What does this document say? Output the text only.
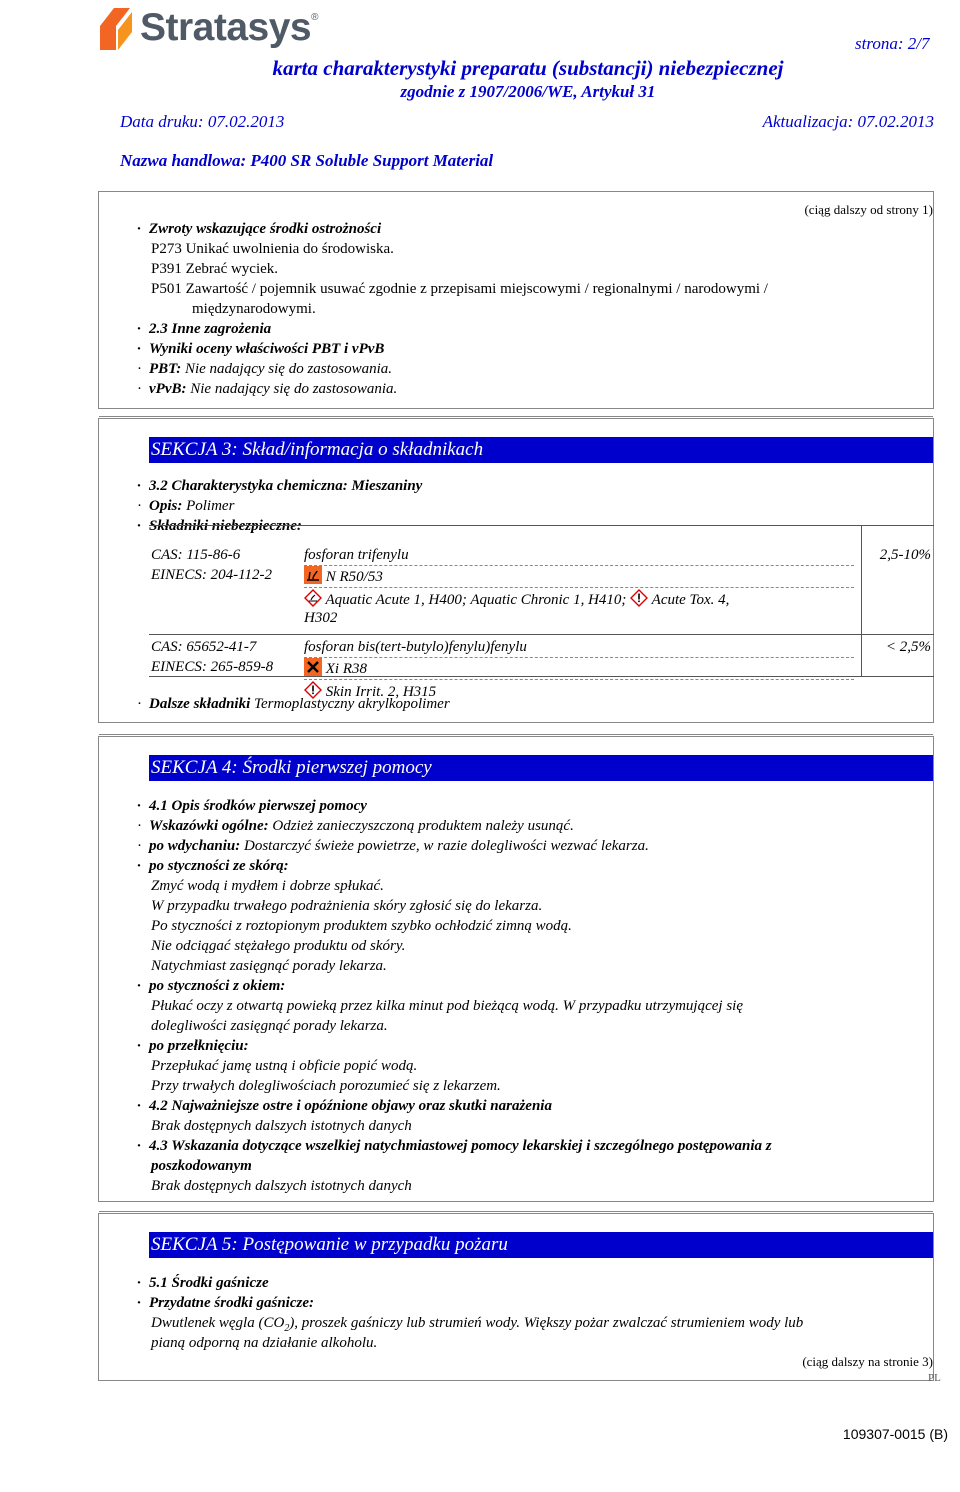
Stratasys®
strona: 2/7
karta charakterystyki preparatu (substancji) niebezpiecznej
zgodnie z 1907/2006/WE, Artykuł 31
Data druku: 07.02.2013	Aktualizacja: 07.02.2013
Nazwa handlowa: P400 SR Soluble Support Material
(ciąg dalszy od strony 1)
· Zwroty wskazujące środki ostrożności
P273 Unikać uwolnienia do środowiska.
P391 Zebrać wyciek.
P501 Zawartość / pojemnik usuwać zgodnie z przepisami miejscowymi / regionalnymi / narodowymi /
międzynarodowymi.
· 2.3 Inne zagrożenia
· Wyniki oceny właściwości PBT i vPvB
· PBT: Nie nadający się do zastosowania.
· vPvB: Nie nadający się do zastosowania.
SEKCJA 3: Skład/informacja o składnikach
· 3.2 Charakterystyka chemiczna: Mieszaniny
· Opis: Polimer
· Składniki niebezpieczne:
CAS: 115-86-6
EINECS: 204-112-2
fosforan trifenylu
N R50/53
Aquatic Acute 1, H400; Aquatic Chronic 1, H410; Acute Tox. 4,
H302
2,5-10%
CAS: 65652-41-7
EINECS: 265-859-8
fosforan bis(tert-butylo)fenylu)fenylu
Xi R38
Skin Irrit. 2, H315
< 2,5%
· Dalsze składniki Termoplastyczny akrylkopolimer
SEKCJA 4: Środki pierwszej pomocy
· 4.1 Opis środków pierwszej pomocy
· Wskazówki ogólne: Odzież zanieczyszczoną produktem należy usunąć.
· po wdychaniu: Dostarczyć świeże powietrze, w razie dolegliwości wezwać lekarza.
· po styczności ze skórą:
Zmyć wodą i mydłem i dobrze spłukać.
W przypadku trwałego podrażnienia skóry zgłosić się do lekarza.
Po styczności z roztopionym produktem szybko ochłodzić zimną wodą.
Nie odciągać stężałego produktu od skóry.
Natychmiast zasięgnąć porady lekarza.
· po styczności z okiem:
Płukać oczy z otwartą powieką przez kilka minut pod bieżącą wodą. W przypadku utrzymującej się
dolegliwości zasięgnąć porady lekarza.
· po przełknięciu:
Przepłukać jamę ustną i obficie popić wodą.
Przy trwałych dolegliwościach porozumieć się z lekarzem.
· 4.2 Najważniejsze ostre i opóźnione objawy oraz skutki narażenia
Brak dostępnych dalszych istotnych danych
· 4.3 Wskazania dotyczące wszelkiej natychmiastowej pomocy lekarskiej i szczególnego postępowania z
poszkodowanym
Brak dostępnych dalszych istotnych danych
SEKCJA 5: Postępowanie w przypadku pożaru
· 5.1 Środki gaśnicze
· Przydatne środki gaśnicze:
Dwutlenek węgla $(CO_2)$, proszek gaśniczy lub strumień wody. Większy pożar zwalczać strumieniem wody lub
pianą odporną na działanie alkoholu.
(ciąg dalszy na stronie 3)
PL
109307-0015 (B)
